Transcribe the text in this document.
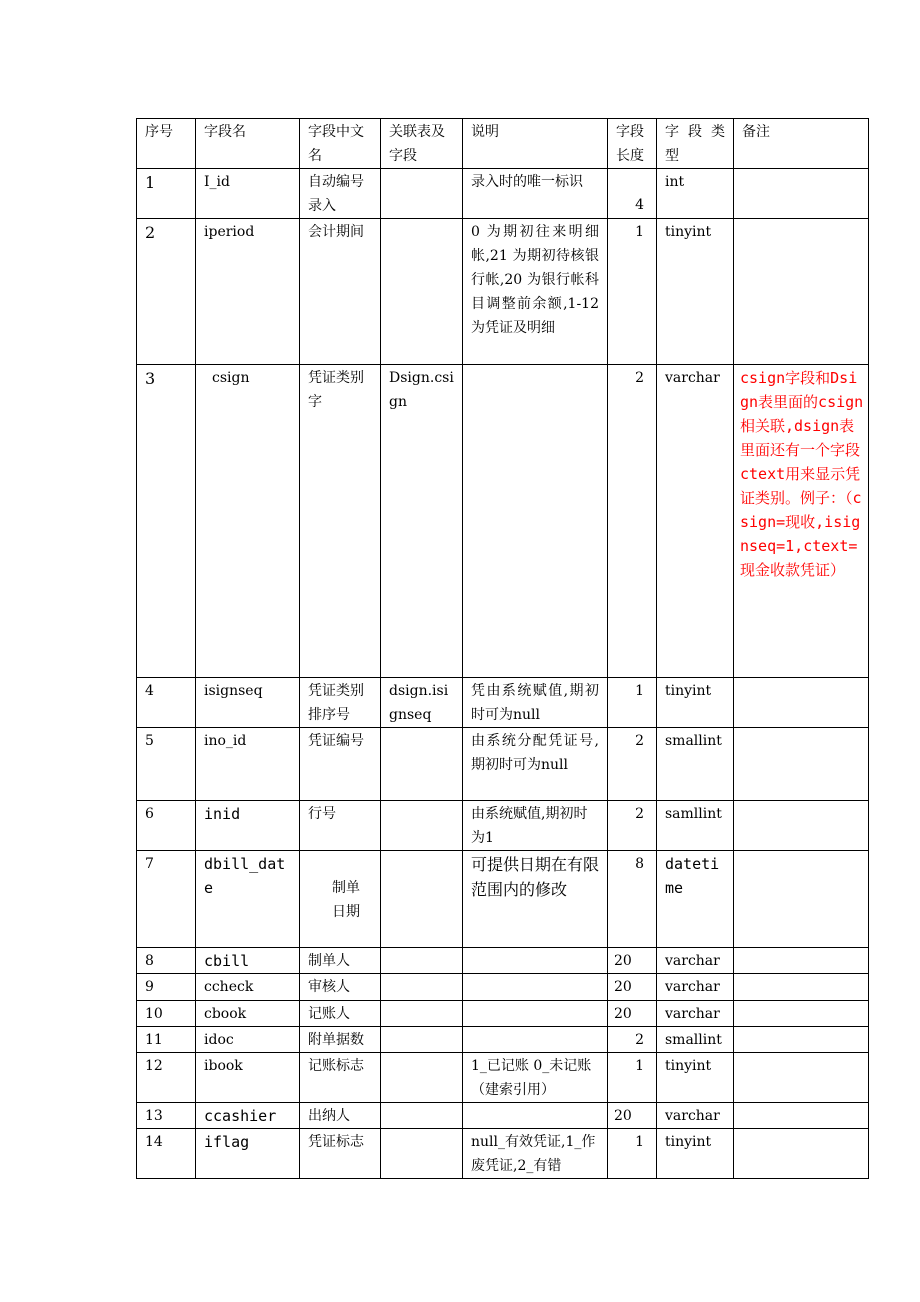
序号	字段名	字段中文名	关联表及字段	说明	字段长度	字 段 类 型	备注
1	I_id	自动编号录入		录入时的唯一标识	4	int	
2	iperiod	会计期间		0 为期初往来明细帐,21 为期初待核银行帐,20 为银行帐科目调整前余额,1-12 为凭证及明细	1	tinyint	
3	csign	凭证类别字	Dsign.csign		2	varchar	csign字段和Dsign表里面的csign相关联,dsign表里面还有一个字段ctext用来显示凭证类别。例子：（csign=现收,isignseq=1,ctext=现金收款凭证）
4	isignseq	凭证类别排序号	dsign.isignseq	凭由系统赋值,期初时可为null	1	tinyint	
5	ino_id	凭证编号		由系统分配凭证号,期初时可为null	2	smallint	
6	inid	行号		由系统赋值,期初时为1	2	samllint	
7	dbill_date	制单日期		可提供日期在有限范围内的修改	8	datetime	
8	cbill	制单人			20	varchar	
9	ccheck	审核人			20	varchar	
10	cbook	记账人			20	varchar	
11	idoc	附单据数			2	smallint	
12	ibook	记账标志		1_已记账 0_未记账（建索引用）	1	tinyint	
13	ccashier	出纳人			20	varchar	
14	iflag	凭证标志		null_有效凭证,1_作废凭证,2_有错	1	tinyint	
